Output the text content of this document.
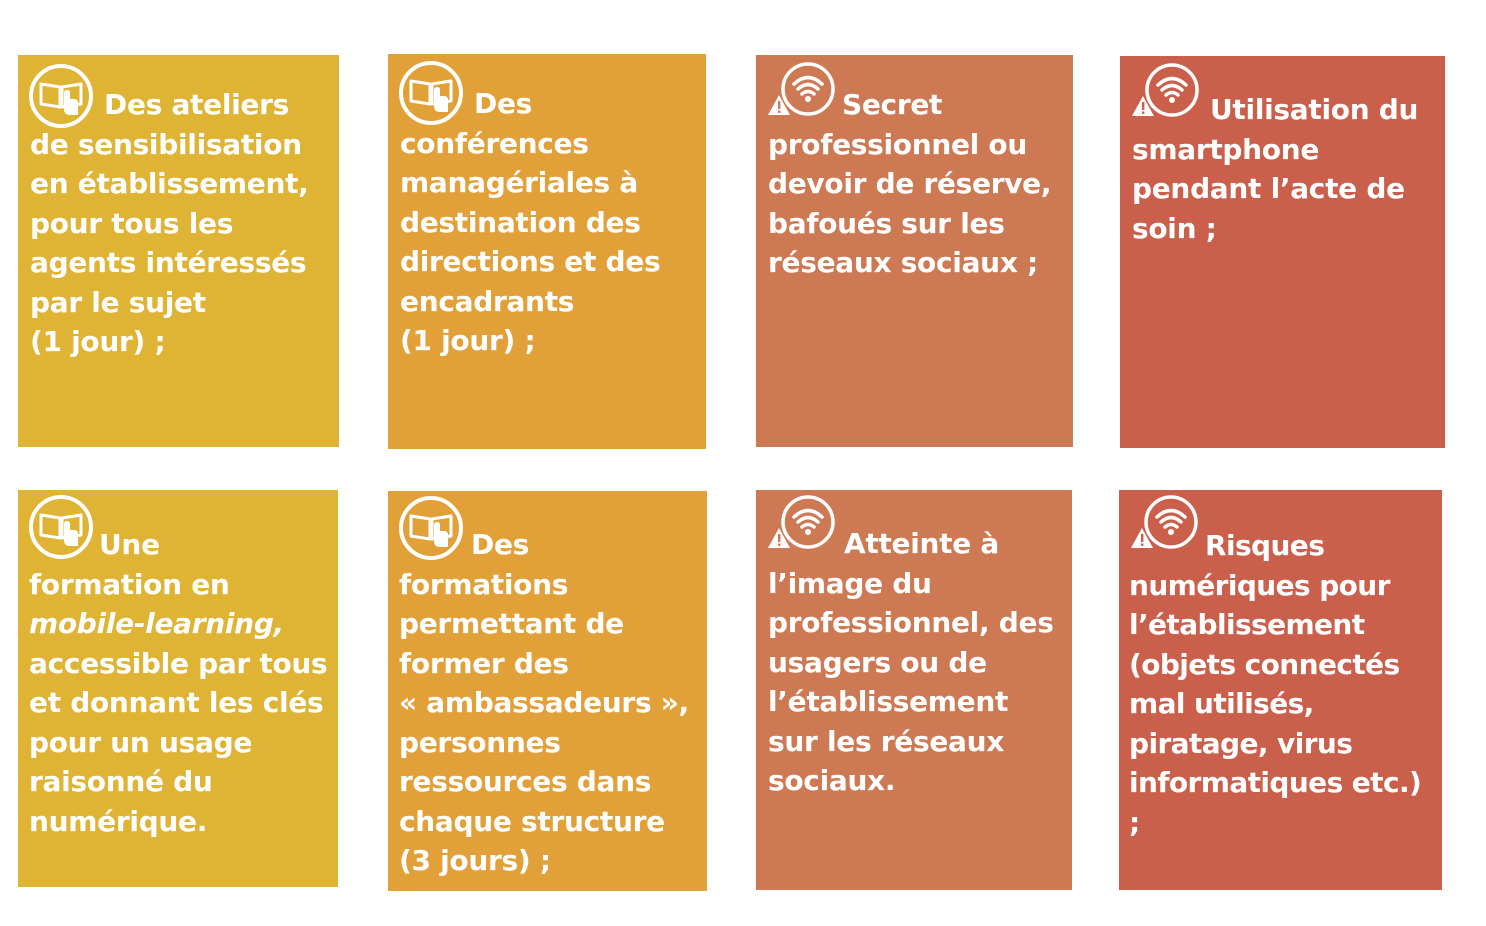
Des ateliers
de sensibilisation
en établissement,
pour tous les
agents intéressés
par le sujet
(1 jour) ;

Des
conférences
managériales à
destination des
directions et des
encadrants
(1 jour) ;

Secret
professionnel ou
devoir de réserve,
bafoués sur les
réseaux sociaux ;

Utilisation du
smartphone
pendant l’acte de
soin ;

Une
formation en
mobile-learning,
accessible par tous
et donnant les clés
pour un usage
raisonné du
numérique.

Des
formations
permettant de
former des
« ambassadeurs »,
personnes
ressources dans
chaque structure
(3 jours) ;

Atteinte à
l’image du
professionnel, des
usagers ou de
l’établissement
sur les réseaux
sociaux.

Risques
numériques pour
l’établissement
(objets connectés
mal utilisés,
piratage, virus
informatiques etc.) ;
